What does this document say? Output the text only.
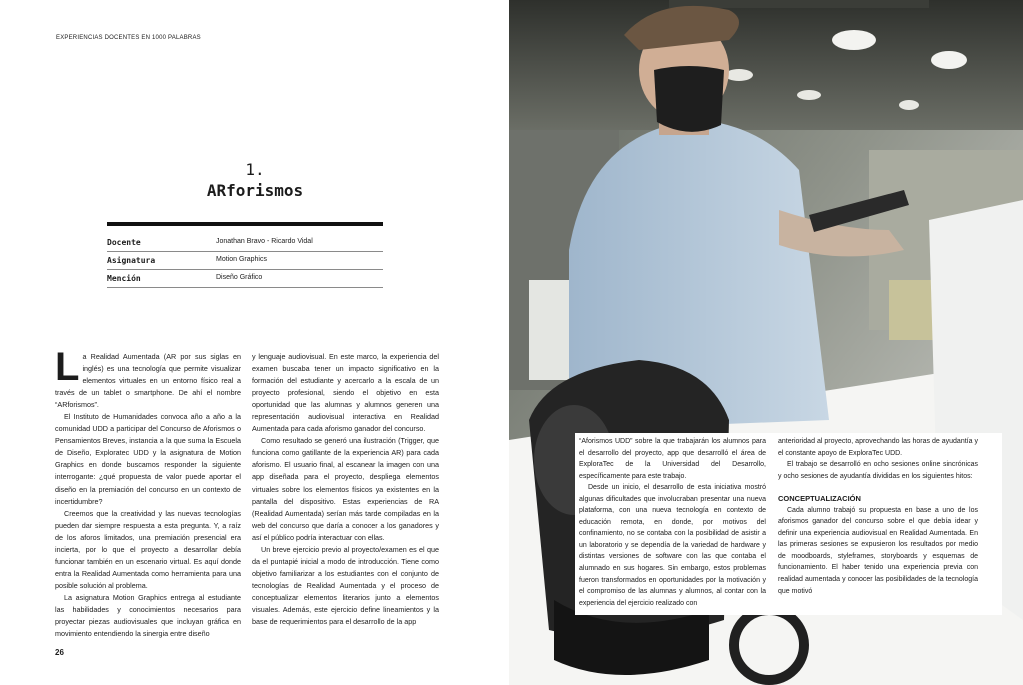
EXPERIENCIAS DOCENTES EN 1000 PALABRAS
1.
ARforismos
Docente	Jonathan Bravo - Ricardo Vidal
Asignatura	Motion Graphics
Mención	Diseño Gráfico

La Realidad Aumentada (AR por sus siglas en inglés) es una tecnología que permite visualizar elementos virtuales en un entorno físico real a través de un tablet o smartphone. De ahí el nombre “ARforismos”.

El Instituto de Humanidades convoca año a año a la comunidad UDD a participar del Concurso de Aforismos o Pensamientos Breves, instancia a la que suma la Escuela de Diseño, Exploratec UDD y la asignatura de Motion Graphics en donde buscamos responder la siguiente interrogante: ¿qué propuesta de valor puede aportar el diseño en la premiación del concurso en un contexto de incertidumbre?

Creemos que la creatividad y las nuevas tecnologías pueden dar siempre respuesta a esta pregunta. Y, a raíz de los aforos limitados, una premiación presencial era incierta, por lo que el proyecto a desarrollar debía funcionar también en un escenario virtual. Es aquí donde entra la Realidad Aumentada como herramienta para una posible solución al problema.

La asignatura Motion Graphics entrega al estudiante las habilidades y conocimientos necesarios para proyectar piezas audiovisuales que incluyan gráfica en movimiento entendiendo la sinergia entre diseño

y lenguaje audiovisual. En este marco, la experiencia del examen buscaba tener un impacto significativo en la formación del estudiante y acercarlo a la escala de un proyecto profesional, siendo el objetivo en esta oportunidad que las alumnas y alumnos generen una representación audiovisual interactiva en Realidad Aumentada para cada aforismo ganador del concurso.

Como resultado se generó una ilustración (Trigger, que funciona como gatillante de la experiencia AR) para cada aforismo. El usuario final, al escanear la imagen con una app diseñada para el proyecto, despliega elementos virtuales sobre los elementos físicos ya existentes en la pantalla del dispositivo. Estas experiencias de RA (Realidad Aumentada) serían más tarde compiladas en la web del concurso que daría a conocer a los ganadores y así el público podría interactuar con ellas.

Un breve ejercicio previo al proyecto/examen es el que da el puntapié inicial a modo de introducción. Tiene como objetivo familiarizar a los estudiantes con el conjunto de tecnologías de Realidad Aumentada y el proceso de conceptualizar elementos literarios junto a elementos visuales. Además, este ejercicio define lineamientos y la base de requerimientos para el desarrollo de la app

26

“Aforismos UDD” sobre la que trabajarán los alumnos para el desarrollo del proyecto, app que desarrolló el área de ExploraTec de la Universidad del Desarrollo, específicamente para este trabajo.

Desde un inicio, el desarrollo de esta iniciativa mostró algunas dificultades que involucraban presentar una nueva plataforma, con una nueva tecnología en contexto de educación remota, en donde, por motivos del confinamiento, no se contaba con la posibilidad de asistir a un laboratorio y se dependía de la variedad de hardware y distintas versiones de software con las que contaba el alumnado en sus hogares. Sin embargo, estos problemas fueron transformados en oportunidades por la motivación y el compromiso de las alumnas y alumnos, al contar con la experiencia del ejercicio realizado con

anterioridad al proyecto, aprovechando las horas de ayudantía y el constante apoyo de ExploraTec UDD.

El trabajo se desarrolló en ocho sesiones online sincrónicas y ocho sesiones de ayudantía divididas en los siguientes hitos:

CONCEPTUALIZACIÓN

Cada alumno trabajó su propuesta en base a uno de los aforismos ganador del concurso sobre el que debía idear y definir una experiencia audiovisual en Realidad Aumentada. En las primeras sesiones se expusieron los resultados por medio de moodboards, styleframes, storyboards y esquemas de funcionamiento. El haber tenido una experiencia previa con realidad aumentada y conocer las posibilidades de la tecnología que motivó
